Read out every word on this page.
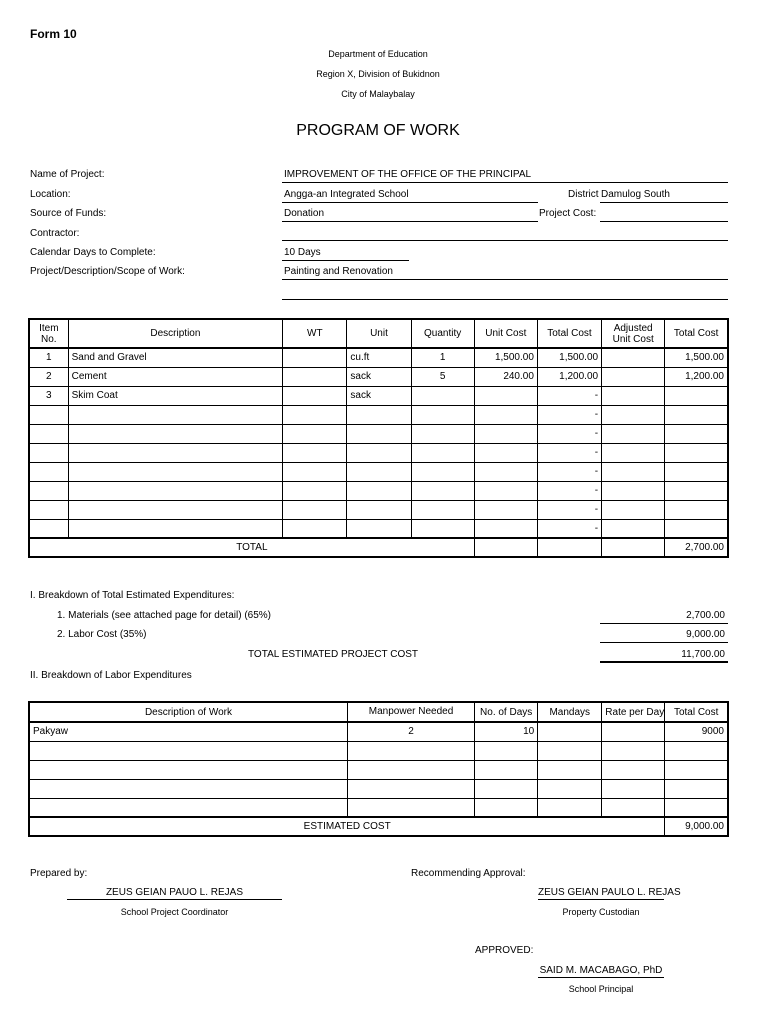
Form 10
Department of Education
Region X, Division of Bukidnon
City of Malaybalay
PROGRAM OF WORK
Name of Project:	IMPROVEMENT OF THE OFFICE OF THE PRINCIPAL
Location:	Angga-an Integrated School	District Damulog South
Source of Funds:	Donation	Project Cost:
Contractor:
Calendar Days to Complete:	10 Days
Project/Description/Scope of Work:	Painting and Renovation
Item No.	Description	WT	Unit	Quantity	Unit Cost	Total Cost	Adjusted Unit Cost	Total Cost
1	Sand and Gravel		cu.ft	1	1,500.00	1,500.00		1,500.00
2	Cement		sack	5	240.00	1,200.00		1,200.00
3	Skim Coat		sack			-		
						-		
						-		
						-		
						-		
						-		
						-		
						-		
TOTAL								2,700.00
I. Breakdown of Total Estimated Expenditures:
1. Materials (see attached page for detail) (65%)	2,700.00
2. Labor Cost (35%)	9,000.00
TOTAL ESTIMATED PROJECT COST	11,700.00
II. Breakdown of Labor Expenditures
Description of Work	Manpower Needed	No. of Days	Mandays	Rate per Day	Total Cost
Pakyaw	2	10			9000

ESTIMATED COST					9,000.00
Prepared by:
ZEUS GEIAN PAUO L. REJAS
School Project Coordinator
Recommending Approval:
ZEUS GEIAN PAULO L. REJAS
Property Custodian
APPROVED:
SAID M. MACABAGO, PhD
School Principal
